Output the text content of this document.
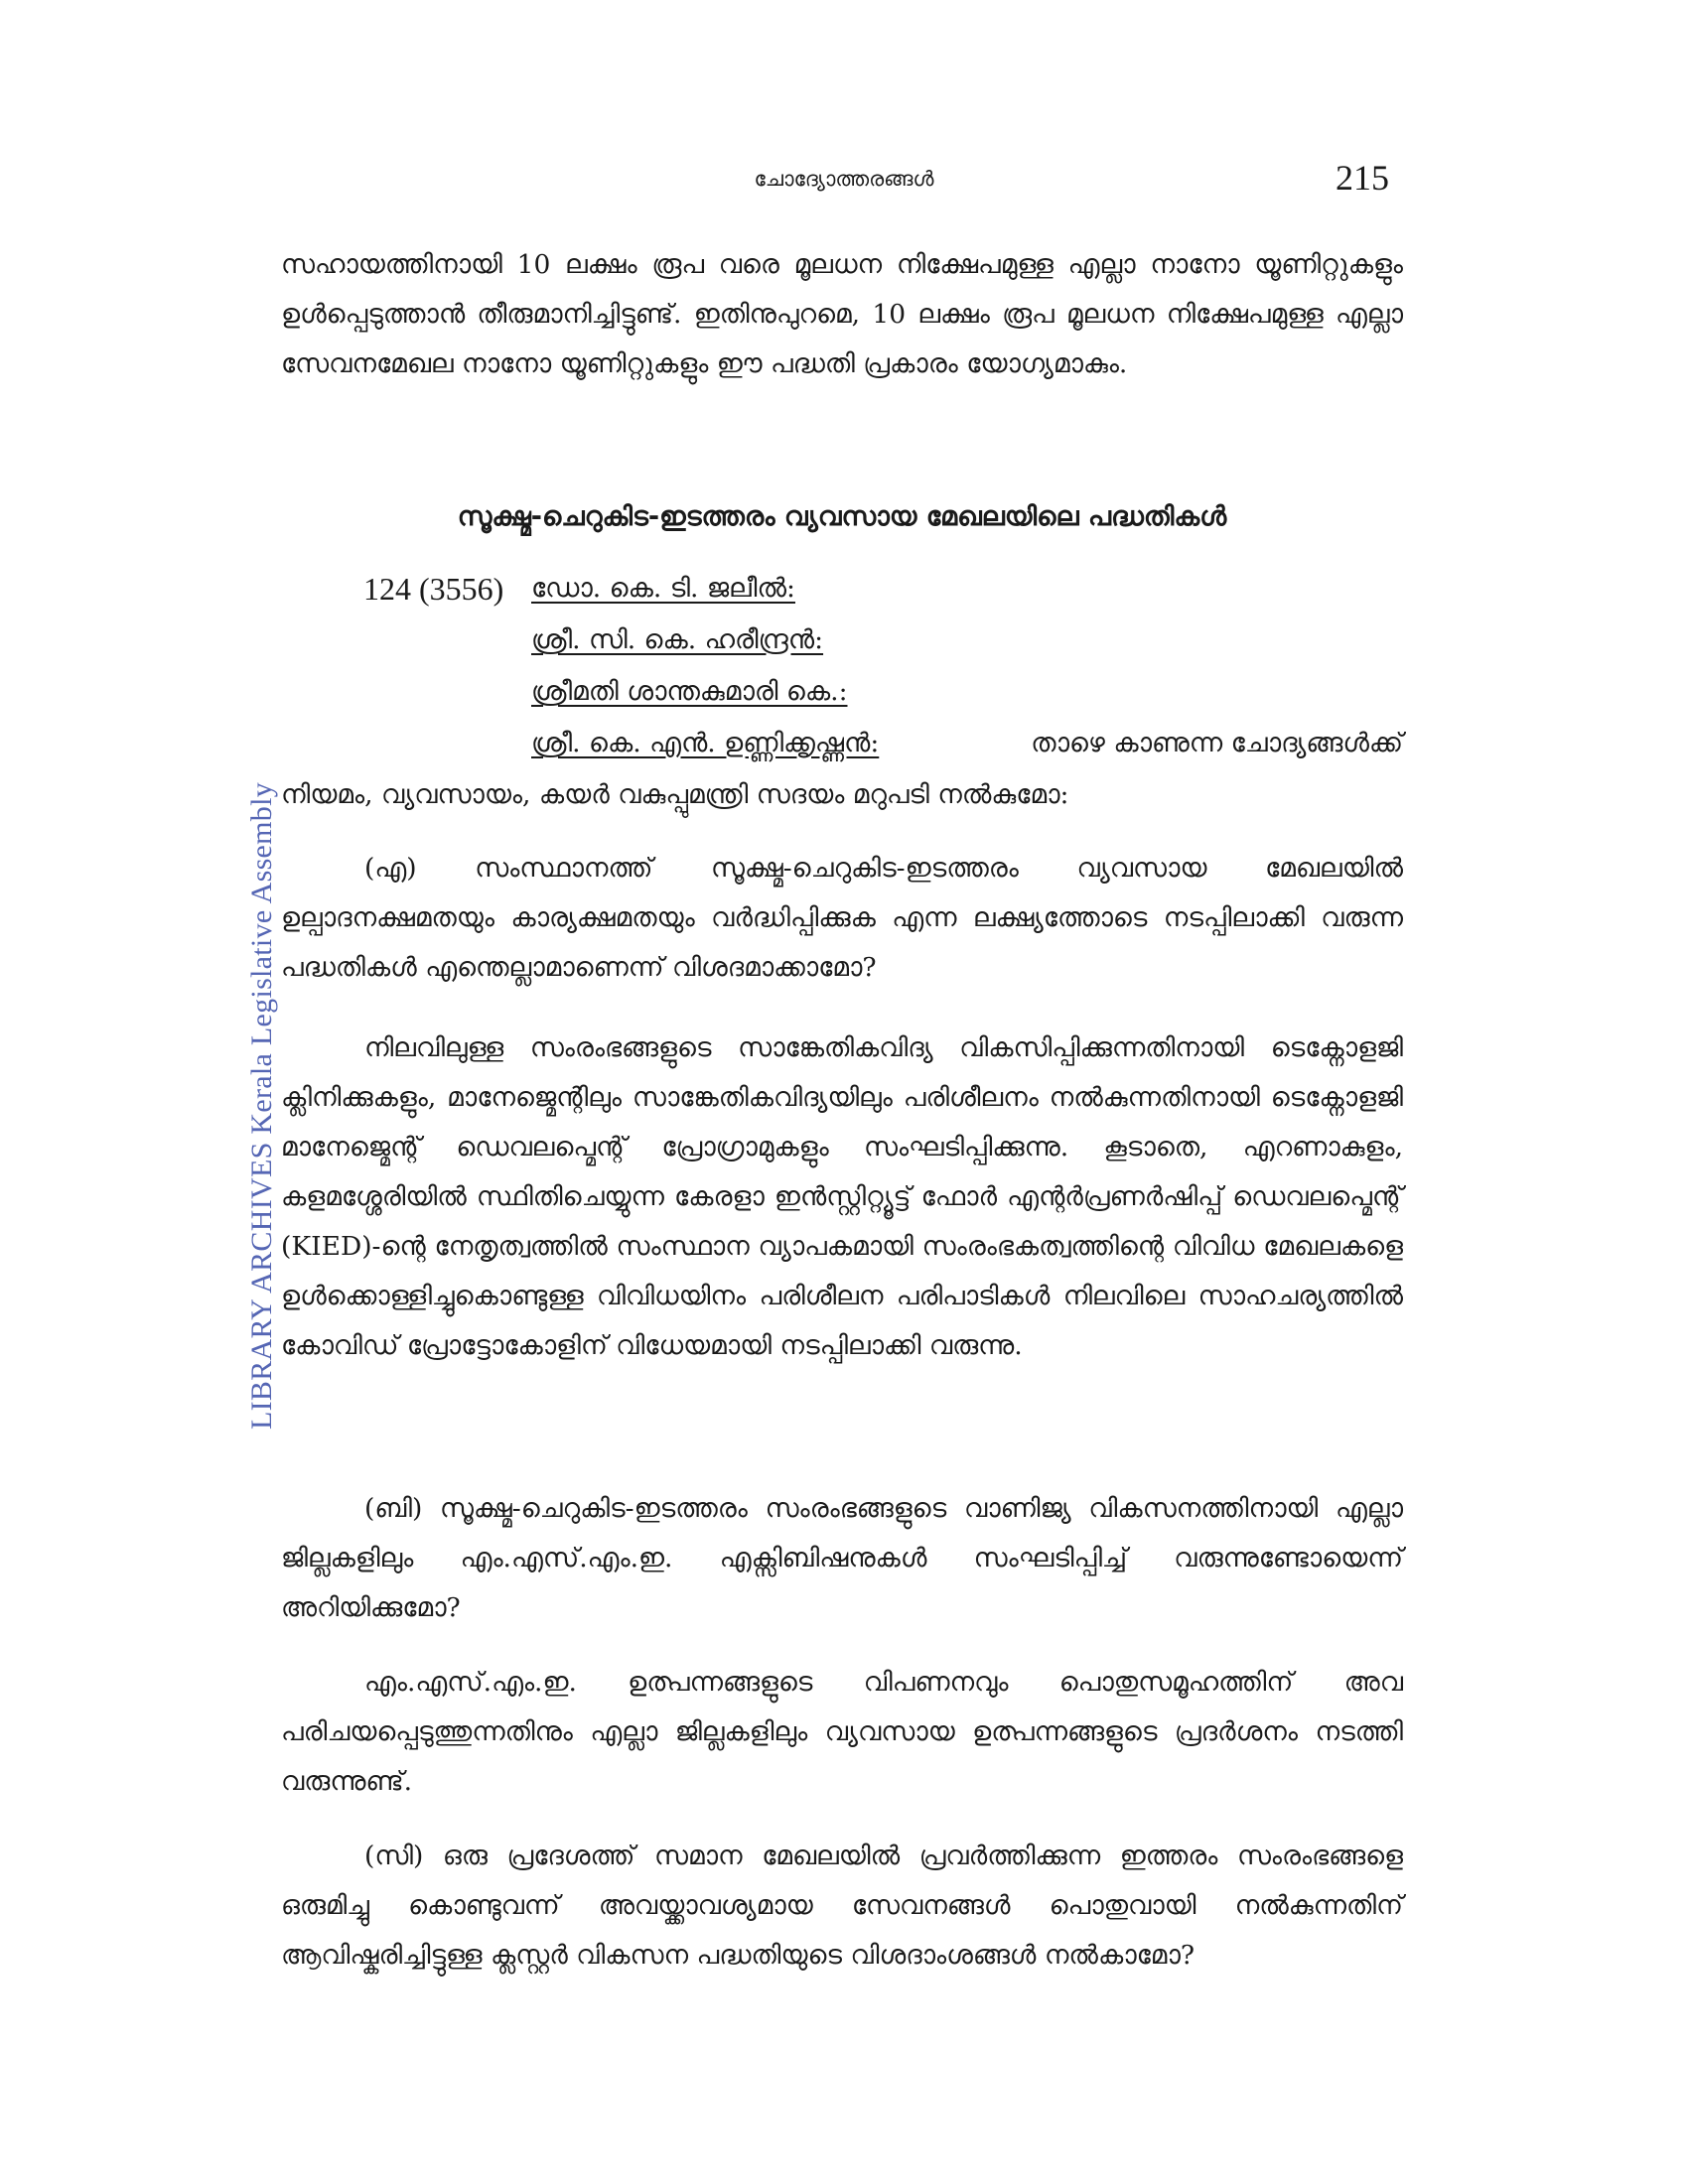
ചോദ്യോത്തരങ്ങൾ	215
LIBRARY ARCHIVES Kerala Legislative Assembly

സഹായത്തിനായി 10 ലക്ഷം രൂപ വരെ മൂലധന നിക്ഷേപമുള്ള എല്ലാ നാനോ യൂണിറ്റുകളും ഉൾപ്പെടുത്താൻ തീരുമാനിച്ചിട്ടുണ്ട്. ഇതിനുപുറമെ, 10 ലക്ഷം രൂപ മൂലധന നിക്ഷേപമുള്ള എല്ലാ സേവനമേഖല നാനോ യൂണിറ്റുകളും ഈ പദ്ധതി പ്രകാരം യോഗ്യമാകും.

സൂക്ഷ്മ-ചെറുകിട-ഇടത്തരം വ്യവസായ മേഖലയിലെ പദ്ധതികൾ
124 (3556) ഡോ. കെ. ടി. ജലീൽ:
ശ്രീ. സി. കെ. ഹരീന്ദ്രൻ:
ശ്രീമതി ശാന്തകുമാരി കെ.:
ശ്രീ. കെ. എൻ. ഉണ്ണിക്കൃഷ്ണൻ:	താഴെ കാണുന്ന ചോദ്യങ്ങൾക്ക്
നിയമം, വ്യവസായം, കയർ വകുപ്പുമന്ത്രി സദയം മറുപടി നൽകുമോ:

(എ) സംസ്ഥാനത്ത് സൂക്ഷ്മ-ചെറുകിട-ഇടത്തരം വ്യവസായ മേഖലയിൽ ഉല്പാദനക്ഷമതയും കാര്യക്ഷമതയും വർദ്ധിപ്പിക്കുക എന്ന ലക്ഷ്യത്തോടെ നടപ്പിലാക്കി വരുന്ന പദ്ധതികൾ എന്തെല്ലാമാണെന്ന് വിശദമാക്കാമോ?

നിലവിലുള്ള സംരംഭങ്ങളുടെ സാങ്കേതികവിദ്യ വികസിപ്പിക്കുന്നതിനായി ടെക്നോളജി ക്ലിനിക്കുകളും, മാനേജ്മെന്റിലും സാങ്കേതികവിദ്യയിലും പരിശീലനം നൽകുന്നതിനായി ടെക്നോളജി മാനേജ്മെന്റ് ഡെവലപ്മെന്റ് പ്രോഗ്രാമുകളും സംഘടിപ്പിക്കുന്നു. കൂടാതെ, എറണാകുളം, കളമശ്ശേരിയിൽ സ്ഥിതിചെയ്യുന്ന കേരളാ ഇൻസ്റ്റിറ്റ്യൂട്ട് ഫോർ എന്റർപ്രണർഷിപ്പ് ഡെവലപ്മെന്റ് (KIED)-ന്റെ നേതൃത്വത്തിൽ സംസ്ഥാന വ്യാപകമായി സംരംഭകത്വത്തിന്റെ വിവിധ മേഖലകളെ ഉൾക്കൊള്ളിച്ചുകൊണ്ടുള്ള വിവിധയിനം പരിശീലന പരിപാടികൾ നിലവിലെ സാഹചര്യത്തിൽ കോവിഡ് പ്രോട്ടോകോളിന് വിധേയമായി നടപ്പിലാക്കി വരുന്നു.

(ബി) സൂക്ഷ്മ-ചെറുകിട-ഇടത്തരം സംരംഭങ്ങളുടെ വാണിജ്യ വികസനത്തിനായി എല്ലാ ജില്ലകളിലും എം.എസ്.എം.ഇ. എക്സിബിഷനുകൾ സംഘടിപ്പിച്ച് വരുന്നുണ്ടോയെന്ന് അറിയിക്കുമോ?

എം.എസ്.എം.ഇ. ഉത്പന്നങ്ങളുടെ വിപണനവും പൊതുസമൂഹത്തിന് അവ പരിചയപ്പെടുത്തുന്നതിനും എല്ലാ ജില്ലകളിലും വ്യവസായ ഉത്പന്നങ്ങളുടെ പ്രദർശനം നടത്തി വരുന്നുണ്ട്.

(സി) ഒരു പ്രദേശത്ത് സമാന മേഖലയിൽ പ്രവർത്തിക്കുന്ന ഇത്തരം സംരംഭങ്ങളെ ഒരുമിച്ചു കൊണ്ടുവന്ന് അവയ്ക്കാവശ്യമായ സേവനങ്ങൾ പൊതുവായി നൽകുന്നതിന് ആവിഷ്കരിച്ചിട്ടുള്ള ക്ലസ്റ്റർ വികസന പദ്ധതിയുടെ വിശദാംശങ്ങൾ നൽകാമോ?
